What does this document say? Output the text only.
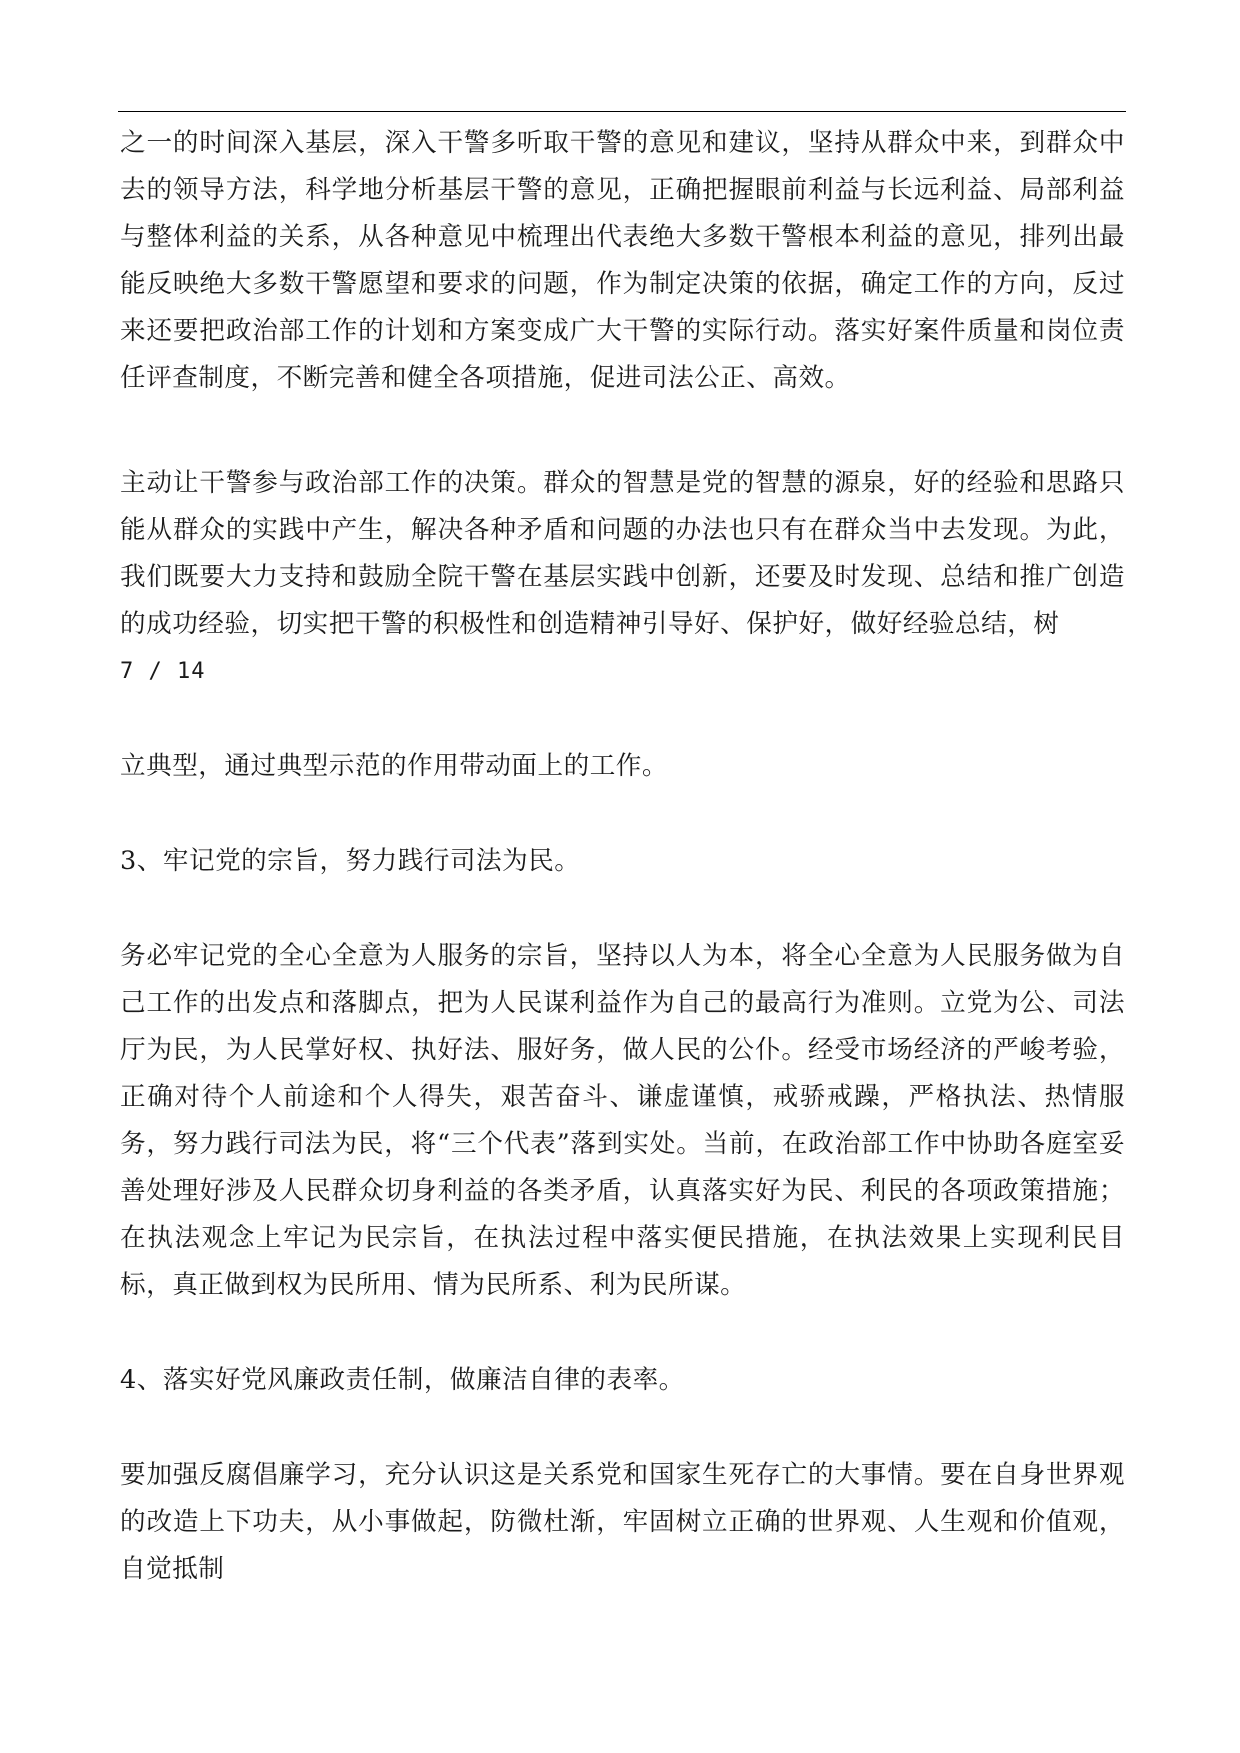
之一的时间深入基层，深入干警多听取干警的意见和建议，坚持从群众中来，到群众中去的领导方法，科学地分析基层干警的意见，正确把握眼前利益与长远利益、局部利益与整体利益的关系，从各种意见中梳理出代表绝大多数干警根本利益的意见，排列出最能反映绝大多数干警愿望和要求的问题，作为制定决策的依据，确定工作的方向，反过来还要把政治部工作的计划和方案变成广大干警的实际行动。落实好案件质量和岗位责任评查制度，不断完善和健全各项措施，促进司法公正、高效。

主动让干警参与政治部工作的决策。群众的智慧是党的智慧的源泉，好的经验和思路只能从群众的实践中产生，解决各种矛盾和问题的办法也只有在群众当中去发现。为此，我们既要大力支持和鼓励全院干警在基层实践中创新，还要及时发现、总结和推广创造的成功经验，切实把干警的积极性和创造精神引导好、保护好，做好经验总结，树

7 / 14

立典型，通过典型示范的作用带动面上的工作。

3、牢记党的宗旨，努力践行司法为民。

务必牢记党的全心全意为人服务的宗旨，坚持以人为本，将全心全意为人民服务做为自己工作的出发点和落脚点，把为人民谋利益作为自己的最高行为准则。立党为公、司法厅为民，为人民掌好权、执好法、服好务，做人民的公仆。经受市场经济的严峻考验，正确对待个人前途和个人得失，艰苦奋斗、谦虚谨慎，戒骄戒躁，严格执法、热情服务，努力践行司法为民，将“三个代表”落到实处。当前，在政治部工作中协助各庭室妥善处理好涉及人民群众切身利益的各类矛盾，认真落实好为民、利民的各项政策措施；在执法观念上牢记为民宗旨，在执法过程中落实便民措施，在执法效果上实现利民目标，真正做到权为民所用、情为民所系、利为民所谋。

4、落实好党风廉政责任制，做廉洁自律的表率。

要加强反腐倡廉学习，充分认识这是关系党和国家生死存亡的大事情。要在自身世界观的改造上下功夫，从小事做起，防微杜渐，牢固树立正确的世界观、人生观和价值观，自觉抵制
